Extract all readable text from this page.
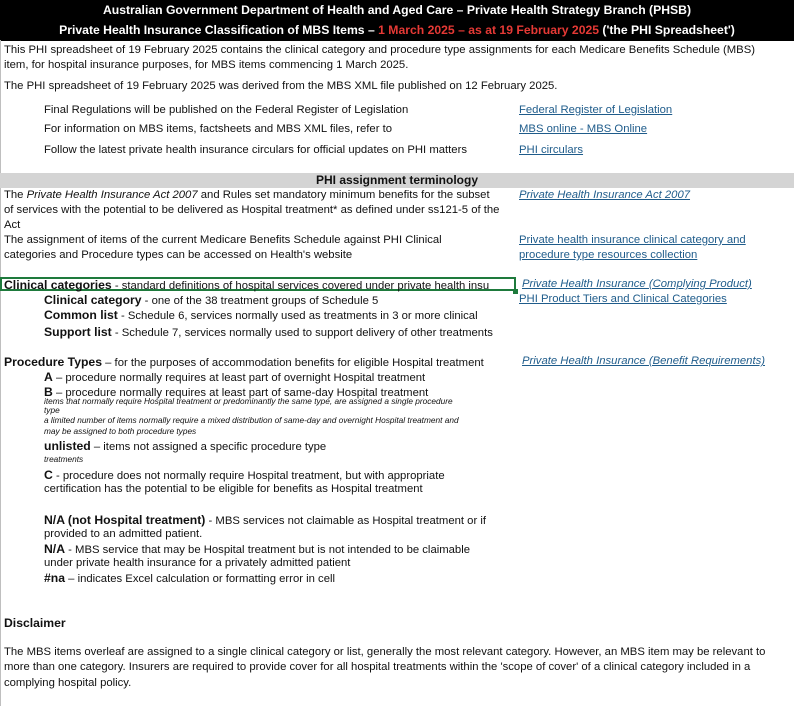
Australian Government Department of Health and Aged Care – Private Health Strategy Branch (PHSB)
Private Health Insurance Classification of MBS Items – 1 March 2025 – as at 19 February 2025 ('the PHI Spreadsheet')
This PHI spreadsheet of 19 February 2025 contains the clinical category and procedure type assignments for each Medicare Benefits Schedule (MBS)
item, for hospital insurance purposes, for MBS items commencing 1 March 2025.
The PHI spreadsheet of 19 February 2025 was derived from the MBS XML file published on 12 February 2025.
Final Regulations will be published on the Federal Register of Legislation	Federal Register of Legislation
For information on MBS items, factsheets and MBS XML files, refer to	MBS online - MBS Online
Follow the latest private health insurance circulars for official updates on PHI matters	PHI circulars
PHI assignment terminology
The Private Health Insurance Act 2007 and Rules set mandatory minimum benefits for the subset
of services with the potential to be delivered as Hospital treatment* as defined under ss121-5 of the
Act
Private Health Insurance Act 2007
The assignment of items of the current Medicare Benefits Schedule against PHI Clinical
categories and Procedure types can be accessed on Health's website
Private health insurance clinical category and
procedure type resources collection
Clinical categories - standard definitions of hospital services covered under private health insu	Private Health Insurance (Complying Product)
PHI Product Tiers and Clinical Categories
Clinical category - one of the 38 treatment groups of Schedule 5
Common list - Schedule 6, services normally used as treatments in 3 or more clinical
Support list - Schedule 7, services normally used to support delivery of other treatments
Procedure Types – for the purposes of accommodation benefits for eligible Hospital treatment	Private Health Insurance (Benefit Requirements)
A – procedure normally requires at least part of overnight Hospital treatment
B – procedure normally requires at least part of same-day Hospital treatment
items that normally require Hospital treatment or predominantly the same type, are assigned a single procedure
type
a limited number of items normally require a mixed distribution of same-day and overnight Hospital treatment and
may be assigned to both procedure types
unlisted – items not assigned a specific procedure type
treatments
C - procedure does not normally require Hospital treatment, but with appropriate
certification has the potential to be eligible for benefits as Hospital treatment
N/A (not Hospital treatment) - MBS services not claimable as Hospital treatment or if
provided to an admitted patient.
N/A - MBS service that may be Hospital treatment but is not intended to be claimable
under private health insurance for a privately admitted patient
#na – indicates Excel calculation or formatting error in cell
Disclaimer
The MBS items overleaf are assigned to a single clinical category or list, generally the most relevant category. However, an MBS item may be relevant to
more than one category. Insurers are required to provide cover for all hospital treatments within the 'scope of cover' of a clinical category included in a
complying hospital policy.
